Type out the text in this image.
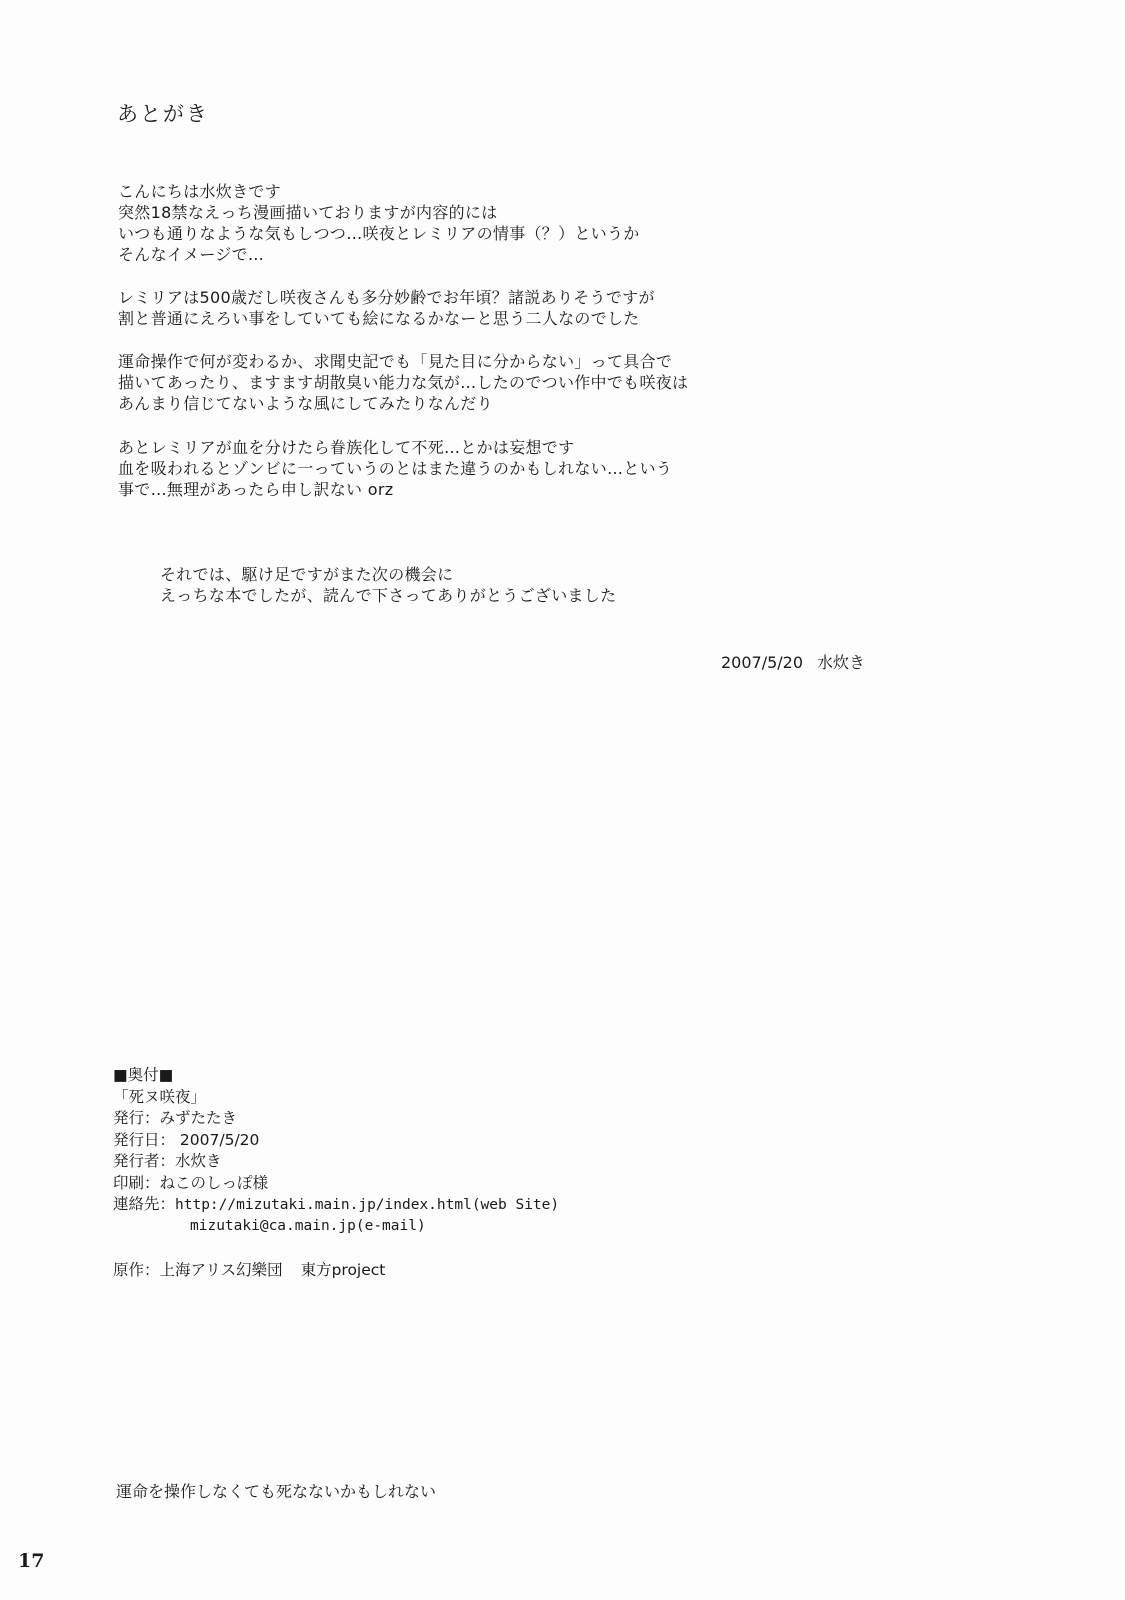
あとがき
こんにちは水炊きです
突然18禁なえっち漫画描いておりますが内容的には
いつも通りなような気もしつつ…咲夜とレミリアの情事（？）というか
そんなイメージで…
レミリアは500歳だし咲夜さんも多分妙齢でお年頃？諸説ありそうですが
割と普通にえろい事をしていても絵になるかなーと思う二人なのでした
運命操作で何が変わるか、求聞史記でも「見た目に分からない」って具合で
描いてあったり、ますます胡散臭い能力な気が…したのでつい作中でも咲夜は
あんまり信じてないような風にしてみたりなんだり
あとレミリアが血を分けたら眷族化して不死…とかは妄想です
血を吸われるとゾンビに一っていうのとはまた違うのかもしれない…という
事で…無理があったら申し訳ない orz
それでは、駆け足ですがまた次の機会に
えっちな本でしたが、読んで下さってありがとうございました
2007/5/20 水炊き
■奥付■
「死ヌ咲夜」
発行：みずたたき
発行日： 2007/5/20
発行者：水炊き
印刷：ねこのしっぽ様
連絡先：http://mizutaki.main.jp/index.html(web Site)
mizutaki@ca.main.jp(e-mail)
原作：上海アリス幻樂団 東方project
運命を操作しなくても死なないかもしれない
17
